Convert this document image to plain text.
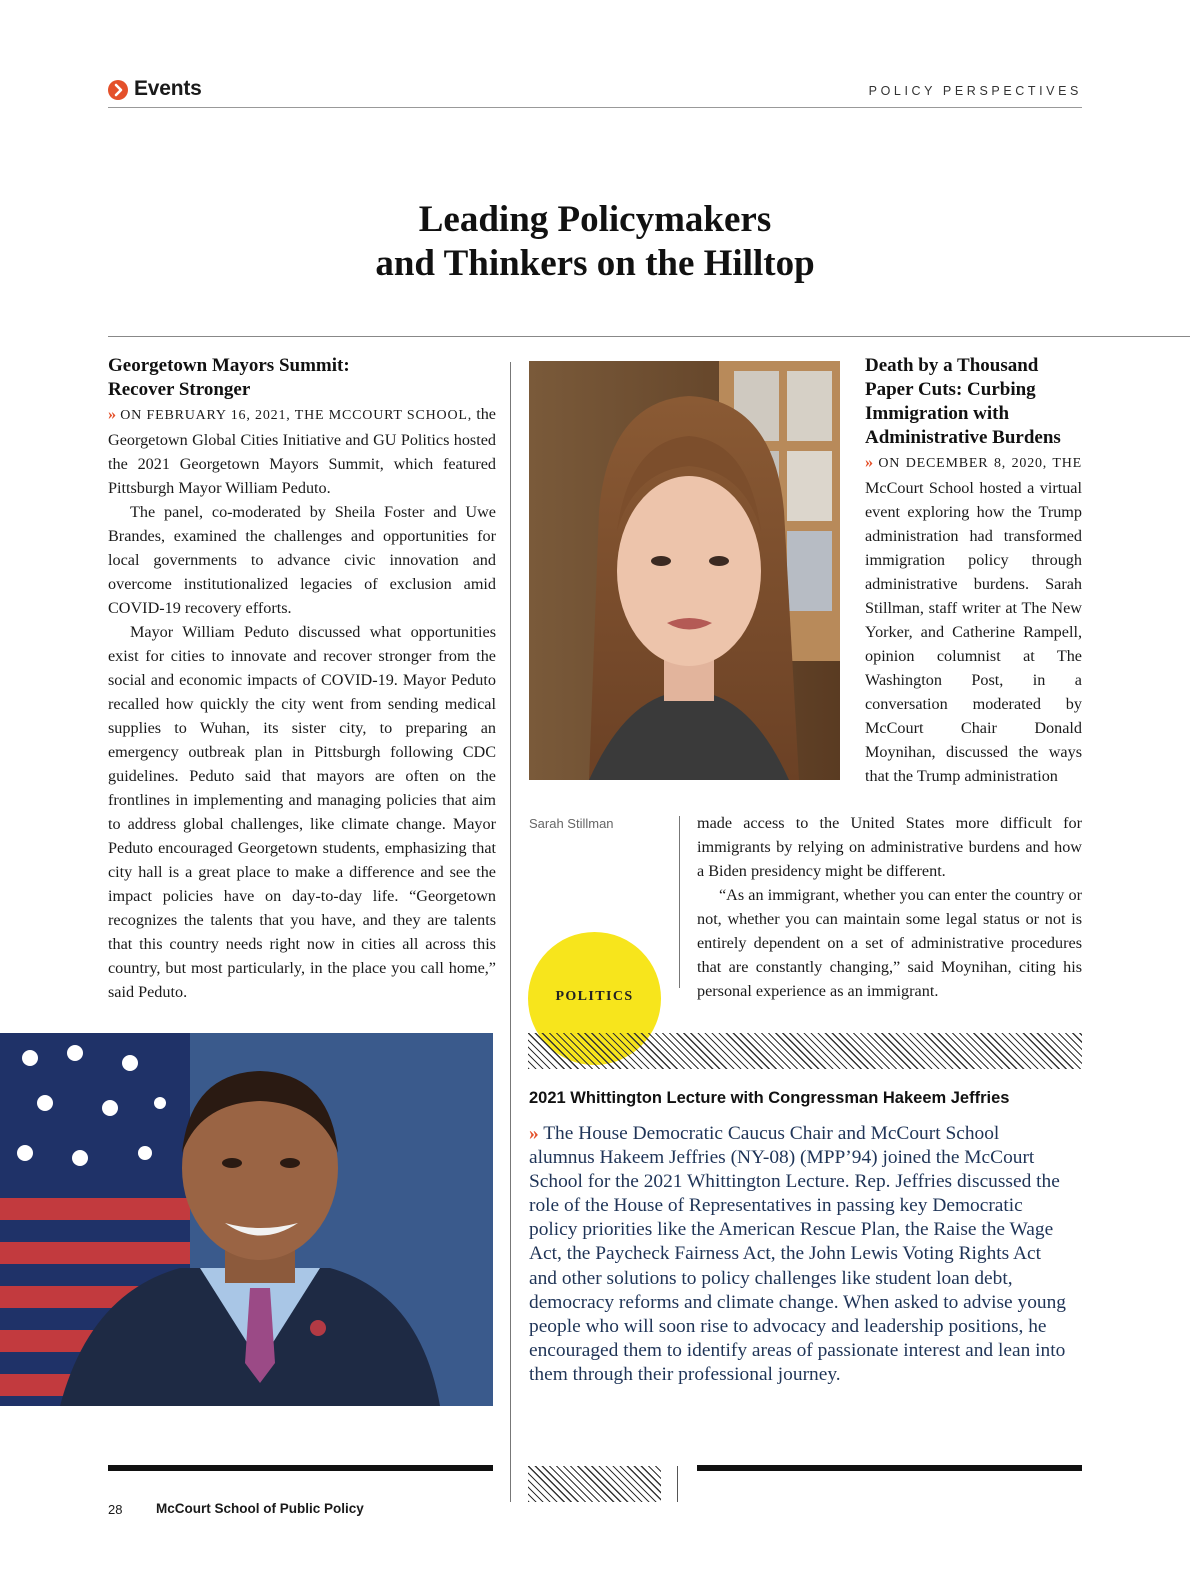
Events	POLICY PERSPECTIVES
Leading Policymakers
and Thinkers on the Hilltop

Georgetown Mayors Summit:
Recover Stronger

» ON FEBRUARY 16, 2021, THE MCCOURT SCHOOL, the Georgetown Global Cities Initiative and GU Politics hosted the 2021 Georgetown Mayors Summit, which featured Pittsburgh Mayor William Peduto.

The panel, co-moderated by Sheila Foster and Uwe Brandes, examined the challenges and opportunities for local governments to advance civic innovation and overcome institutionalized legacies of exclusion amid COVID-19 recovery efforts.

Mayor William Peduto discussed what opportunities exist for cities to innovate and recover stronger from the social and economic impacts of COVID-19. Mayor Peduto recalled how quickly the city went from sending medical supplies to Wuhan, its sister city, to preparing an emergency outbreak plan in Pittsburgh following CDC guidelines. Peduto said that mayors are often on the frontlines in implementing and managing policies that aim to address global challenges, like climate change. Mayor Peduto encouraged Georgetown students, emphasizing that city hall is a great place to make a difference and see the impact policies have on day-to-day life. “Georgetown recognizes the talents that you have, and they are talents that this country needs right now in cities all across this country, but most particularly, in the place you call home,” said Peduto.

Sarah Stillman

Death by a Thousand
Paper Cuts: Curbing
Immigration with
Administrative Burdens

» ON DECEMBER 8, 2020, THE McCourt School hosted a virtual event exploring how the Trump administration had transformed immigration policy through administrative burdens. Sarah Stillman, staff writer at The New Yorker, and Catherine Rampell, opinion columnist at The Washington Post, in a conversation moderated by McCourt Chair Donald Moynihan, discussed the ways that the Trump administration

made access to the United States more difficult for immigrants by relying on administrative burdens and how a Biden presidency might be different.

“As an immigrant, whether you can enter the country or not, whether you can maintain some legal status or not is entirely dependent on a set of administrative procedures that are constantly changing,” said Moynihan, citing his personal experience as an immigrant.

POLITICS
2021 Whittington Lecture with Congressman Hakeem Jeffries

» The House Democratic Caucus Chair and McCourt School alumnus Hakeem Jeffries (NY-08) (MPP’94) joined the McCourt School for the 2021 Whittington Lecture. Rep. Jeffries discussed the role of the House of Representatives in passing key Democratic policy priorities like the American Rescue Plan, the Raise the Wage Act, the Paycheck Fairness Act, the John Lewis Voting Rights Act and other solutions to policy challenges like student loan debt, democracy reforms and climate change. When asked to advise young people who will soon rise to advocacy and leadership positions, he encouraged them to identify areas of passionate interest and lean into them through their professional journey.

28 McCourt School of Public Policy
